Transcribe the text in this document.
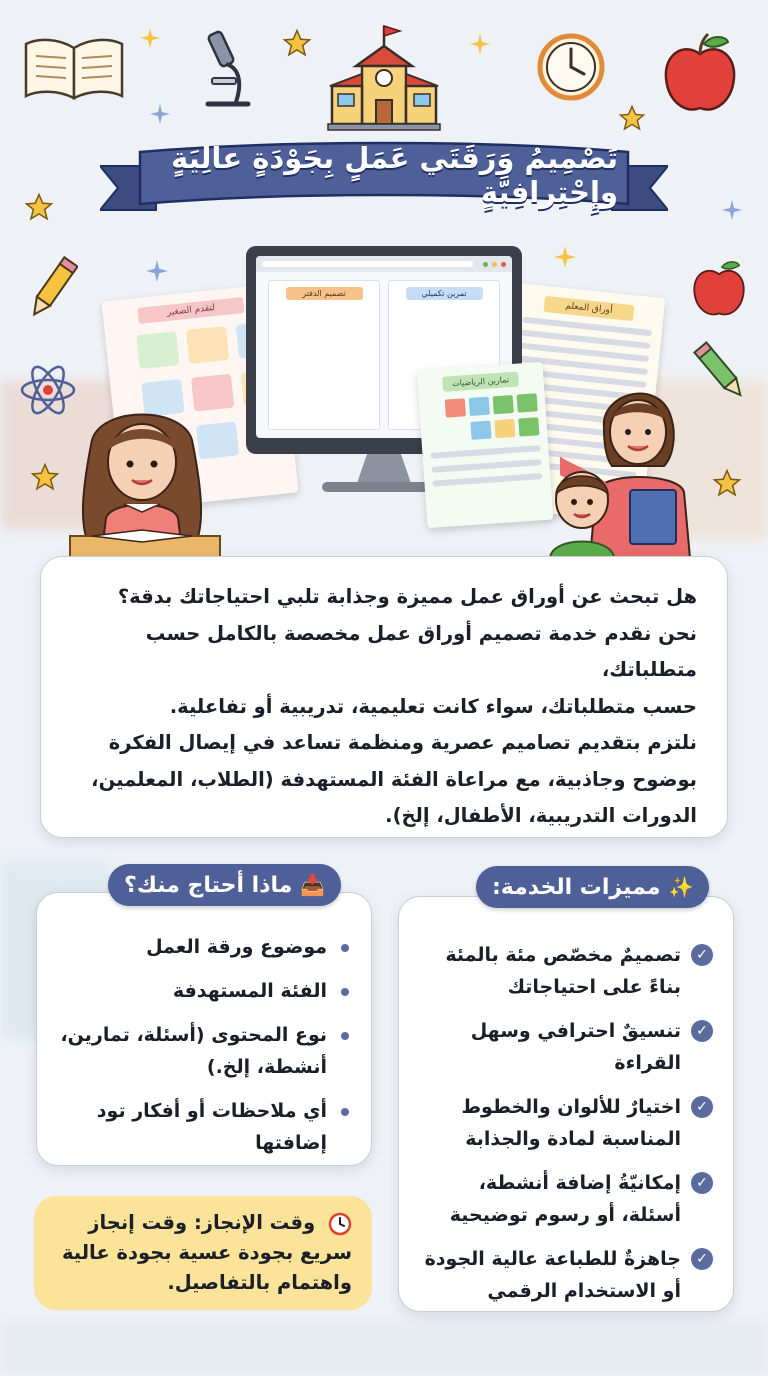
تَصْمِيمُ وَرَقَتَي عَمَلٍ بِجَوْدَةٍ عالِيَةٍ وإِحْتِرافِيَّةٍ
لتقدم الصغير	أوراق المعلم
تصميم الدفتر	تمرين تكميلي
تمارين الرياضيات

هل تبحث عن أوراق عمل مميزة وجذابة تلبي احتياجاتك بدقة؟

نحن نقدم خدمة تصميم أوراق عمل مخصصة بالكامل حسب متطلباتك،

حسب متطلباتك، سواء كانت تعليمية، تدريبية أو تفاعلية.

نلتزم بتقديم تصاميم عصرية ومنظمة تساعد في إيصال الفكرة

بوضوح وجاذبية، مع مراعاة الفئة المستهدفة (الطلاب، المعلمين،

الدورات التدريبية، الأطفال، إلخ).

✓
تصميمٌ مخصّص مئة بالمئة بناءً على احتياجاتك
✓
تنسيقٌ احترافي وسهل القراءة
✓
اختيارٌ للألوان والخطوط المناسبة لمادة والجذابة
✓
إمكانيّةُ إضافة أنشطة، أسئلة، أو رسوم توضيحية
✓
جاهزةٌ للطباعة عالية الجودة أو الاستخدام الرقمي
✨
مميزات الخدمة:
موضوع ورقة العمل
الفئة المستهدفة
نوع المحتوى (أسئلة، تمارين، أنشطة، إلخ.)
أي ملاحظات أو أفكار تود إضافتها
📥
ماذا أحتاج منك؟
وقت الإنجاز: وقت إنجاز سريع بجودة عسية بجودة عالية واهتمام بالتفاصيل.
